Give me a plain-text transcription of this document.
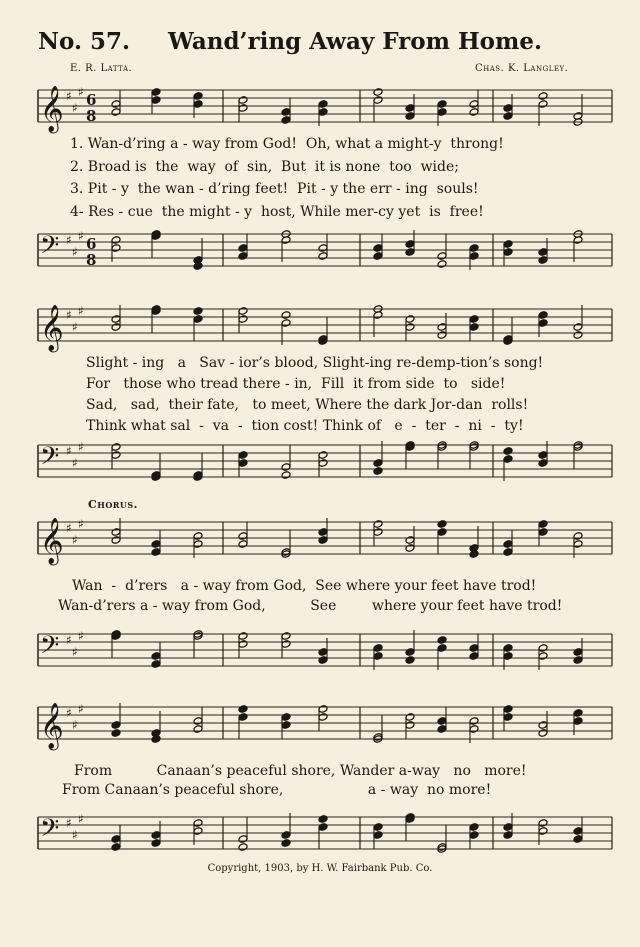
No. 57. Wand’ring Away From Home.
E. R. Latta.	Chas. K. Langley.
𝄞 ♯
♯
♯ 6
8
1. Wan-d’ring a - way from God!  Oh, what a might-y  throng!
2. Broad is  the  way  of  sin,  But  it is none  too  wide;
3. Pit - y  the wan - d’ring feet!  Pit - y the err - ing  souls!
4- Res - cue  the might - y  host, While mer-cy yet  is  free!
𝄢 ♯
♯
♯ 6
8
𝄞 ♯
♯
♯
Slight - ing   a   Sav - ior’s blood, Slight-ing re-demp-tion’s song!
For   those who tread there - in,  Fill  it from side  to   side!
Sad,   sad,  their fate,   to meet, Where the dark Jor-dan  rolls!
Think what sal  -  va  -  tion cost! Think of   e  -  ter  -  ni  -  ty!
𝄢 ♯
♯
♯
Chorus.
𝄞 ♯
♯
♯
Wan  -  d’rers   a - way from God,  See where your feet have trod!
Wan-d’rers a - way from God,          See        where your feet have trod!
𝄢 ♯
♯
♯
𝄞 ♯
♯
♯
From          Canaan’s peaceful shore, Wander a-way   no   more!
From Canaan’s peaceful shore,                   a - way  no more!
𝄢 ♯
♯
♯
Copyright, 1903, by H. W. Fairbank Pub. Co.
